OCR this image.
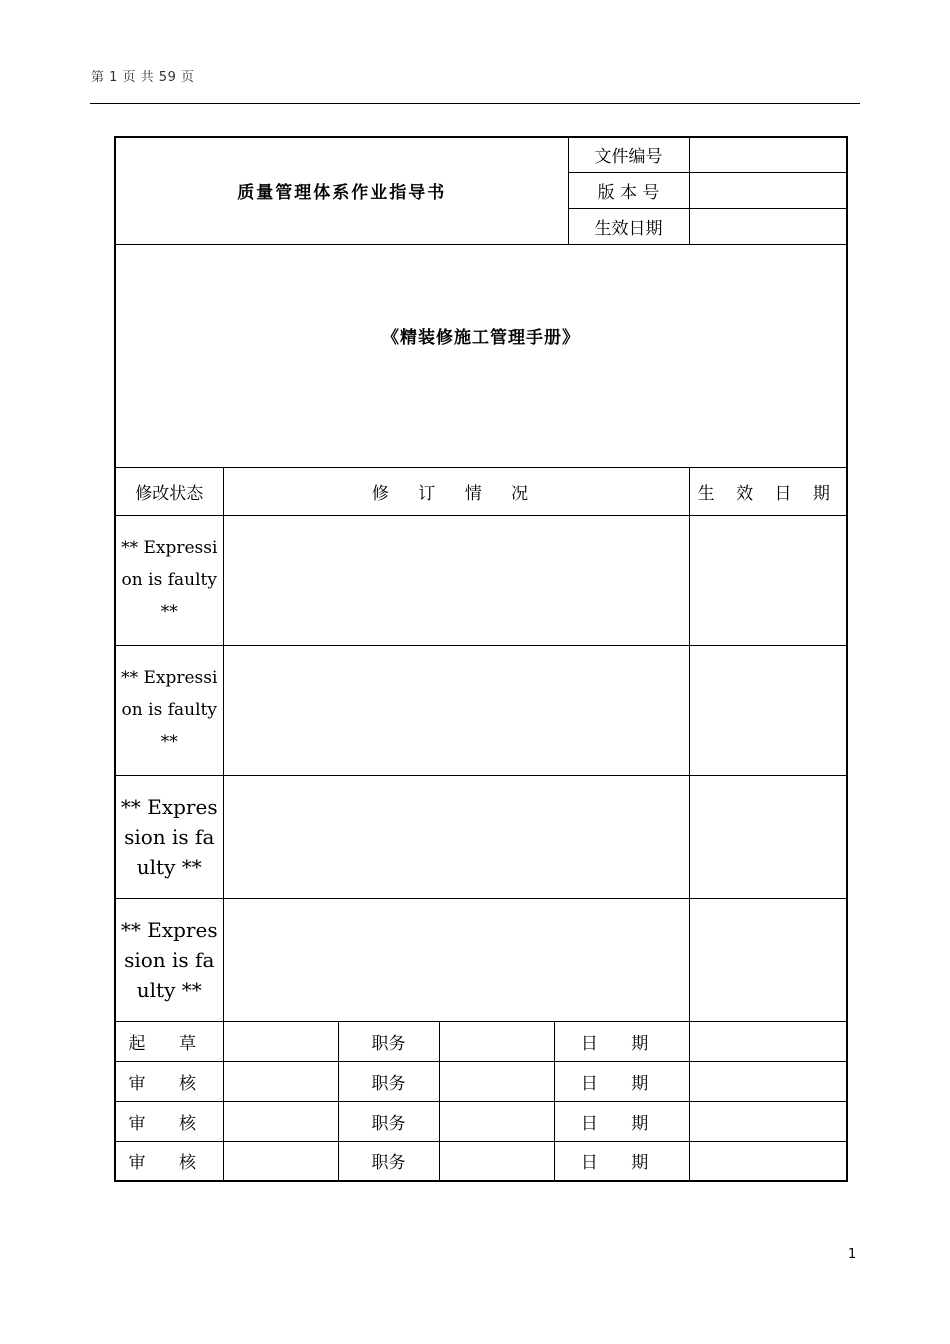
第 1 页 共 59 页
质量管理体系作业指导书					文件编号	
					版 本 号	
					生效日期	
《精装修施工管理手册》						
修改状态	修 订 情 况					生 效 日 期
** Expression is faulty **						
** Expression is faulty **						
** Expression is faulty **						
** Expression is faulty **						
起 草		职务		日 期		
审 核		职务		日 期		
审 核		职务		日 期		
审 核		职务		日 期		
1
